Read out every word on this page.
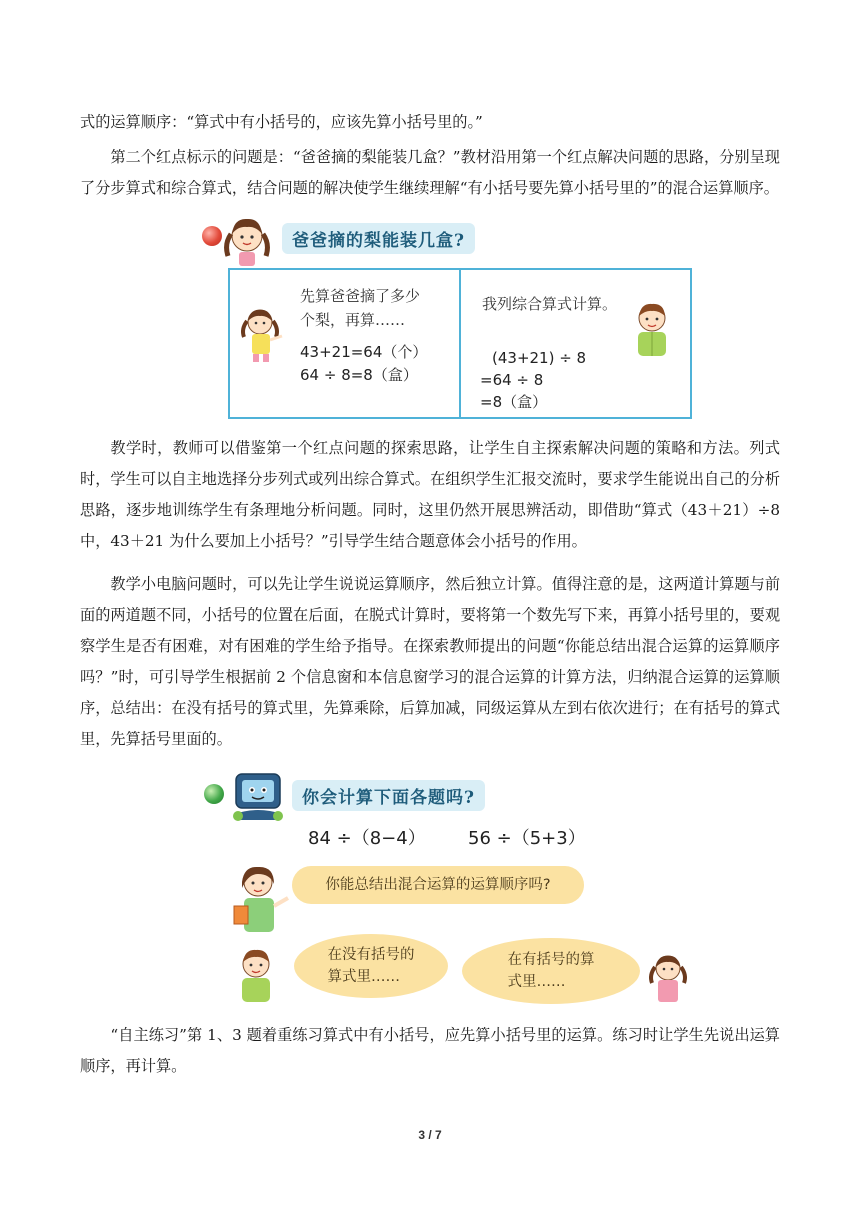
式的运算顺序：“算式中有小括号的，应该先算小括号里的。”

第二个红点标示的问题是：“爸爸摘的梨能装几盒？”教材沿用第一个红点解决问题的思路，分别呈现了分步算式和综合算式，结合问题的解决使学生继续理解“有小括号要先算小括号里的”的混合运算顺序。

爸爸摘的梨能装几盒?
先算爸爸摘了多少
个梨，再算……
43+21=64（个）
64 ÷ 8=8（盒）
我列综合算式计算。
(43+21) ÷ 8
=64 ÷ 8
=8（盒）

教学时，教师可以借鉴第一个红点问题的探索思路，让学生自主探索解决问题的策略和方法。列式时，学生可以自主地选择分步列式或列出综合算式。在组织学生汇报交流时，要求学生能说出自己的分析思路，逐步地训练学生有条理地分析问题。同时，这里仍然开展思辨活动，即借助“算式（43＋21）÷8 中，43＋21 为什么要加上小括号？”引导学生结合题意体会小括号的作用。

教学小电脑问题时，可以先让学生说说运算顺序，然后独立计算。值得注意的是，这两道计算题与前面的两道题不同，小括号的位置在后面，在脱式计算时，要将第一个数先写下来，再算小括号里的，要观察学生是否有困难，对有困难的学生给予指导。在探索教师提出的问题“你能总结出混合运算的运算顺序吗？”时，可引导学生根据前 2 个信息窗和本信息窗学习的混合运算的计算方法，归纳混合运算的运算顺序，总结出：在没有括号的算式里，先算乘除，后算加减，同级运算从左到右依次进行；在有括号的算式里，先算括号里面的。

你会计算下面各题吗?
84 ÷（8−4） 56 ÷（5+3）
你能总结出混合运算的运算顺序吗?
在没有括号的
算式里……
在有括号的算
式里……

“自主练习”第 1、3 题着重练习算式中有小括号，应先算小括号里的运算。练习时让学生先说出运算顺序，再计算。

3 / 7
